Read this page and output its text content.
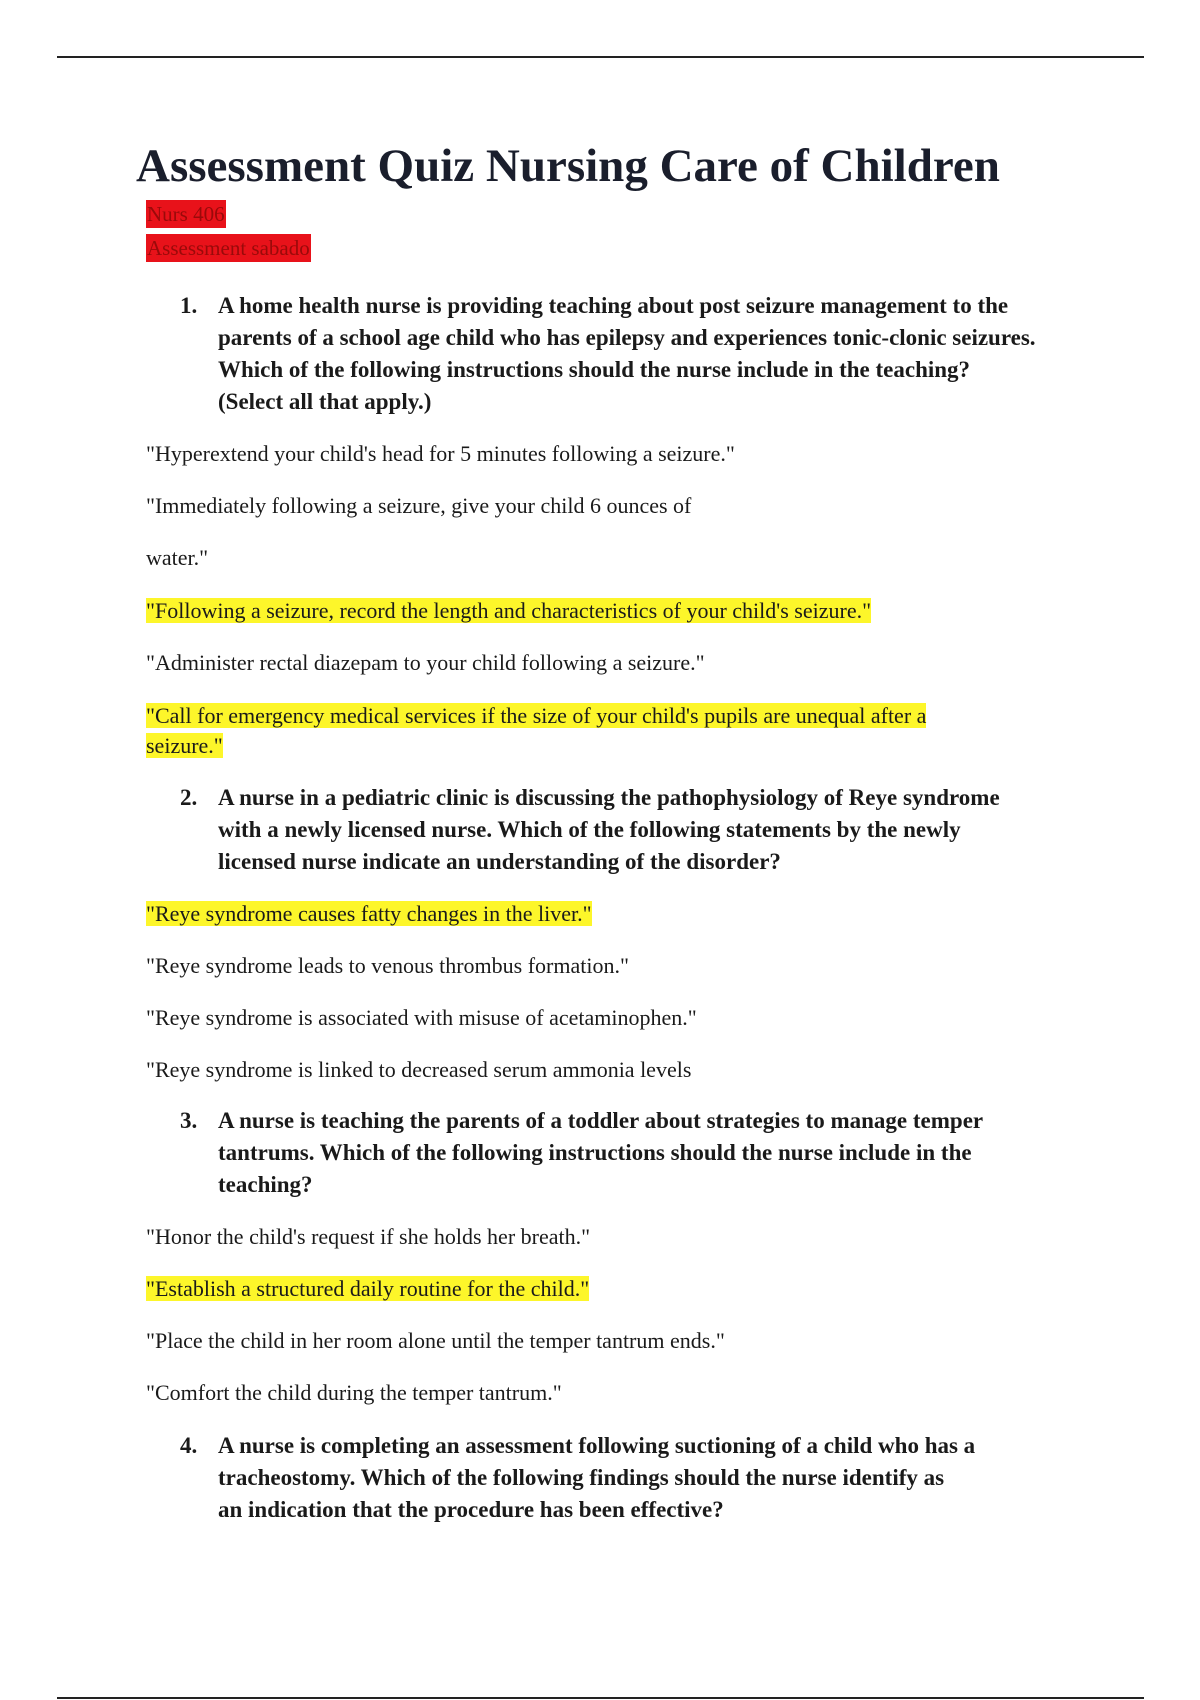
Assessment Quiz Nursing Care of Children
Nurs 406
Assessment sabado
1. A home health nurse is providing teaching about post seizure management to the
parents of a school age child who has epilepsy and experiences tonic-clonic seizures.
Which of the following instructions should the nurse include in the teaching?
(Select all that apply.)
"Hyperextend your child's head for 5 minutes following a seizure."
"Immediately following a seizure, give your child 6 ounces of
water."
"Following a seizure, record the length and characteristics of your child's seizure."
"Administer rectal diazepam to your child following a seizure."
"Call for emergency medical services if the size of your child's pupils are unequal after a
seizure."
2. A nurse in a pediatric clinic is discussing the pathophysiology of Reye syndrome
with a newly licensed nurse. Which of the following statements by the newly
licensed nurse indicate an understanding of the disorder?
"Reye syndrome causes fatty changes in the liver."
"Reye syndrome leads to venous thrombus formation."
"Reye syndrome is associated with misuse of acetaminophen."
"Reye syndrome is linked to decreased serum ammonia levels
3. A nurse is teaching the parents of a toddler about strategies to manage temper
tantrums. Which of the following instructions should the nurse include in the
teaching?
"Honor the child's request if she holds her breath."
"Establish a structured daily routine for the child."
"Place the child in her room alone until the temper tantrum ends."
"Comfort the child during the temper tantrum."
4. A nurse is completing an assessment following suctioning of a child who has a
tracheostomy. Which of the following findings should the nurse identify as
an indication that the procedure has been effective?
